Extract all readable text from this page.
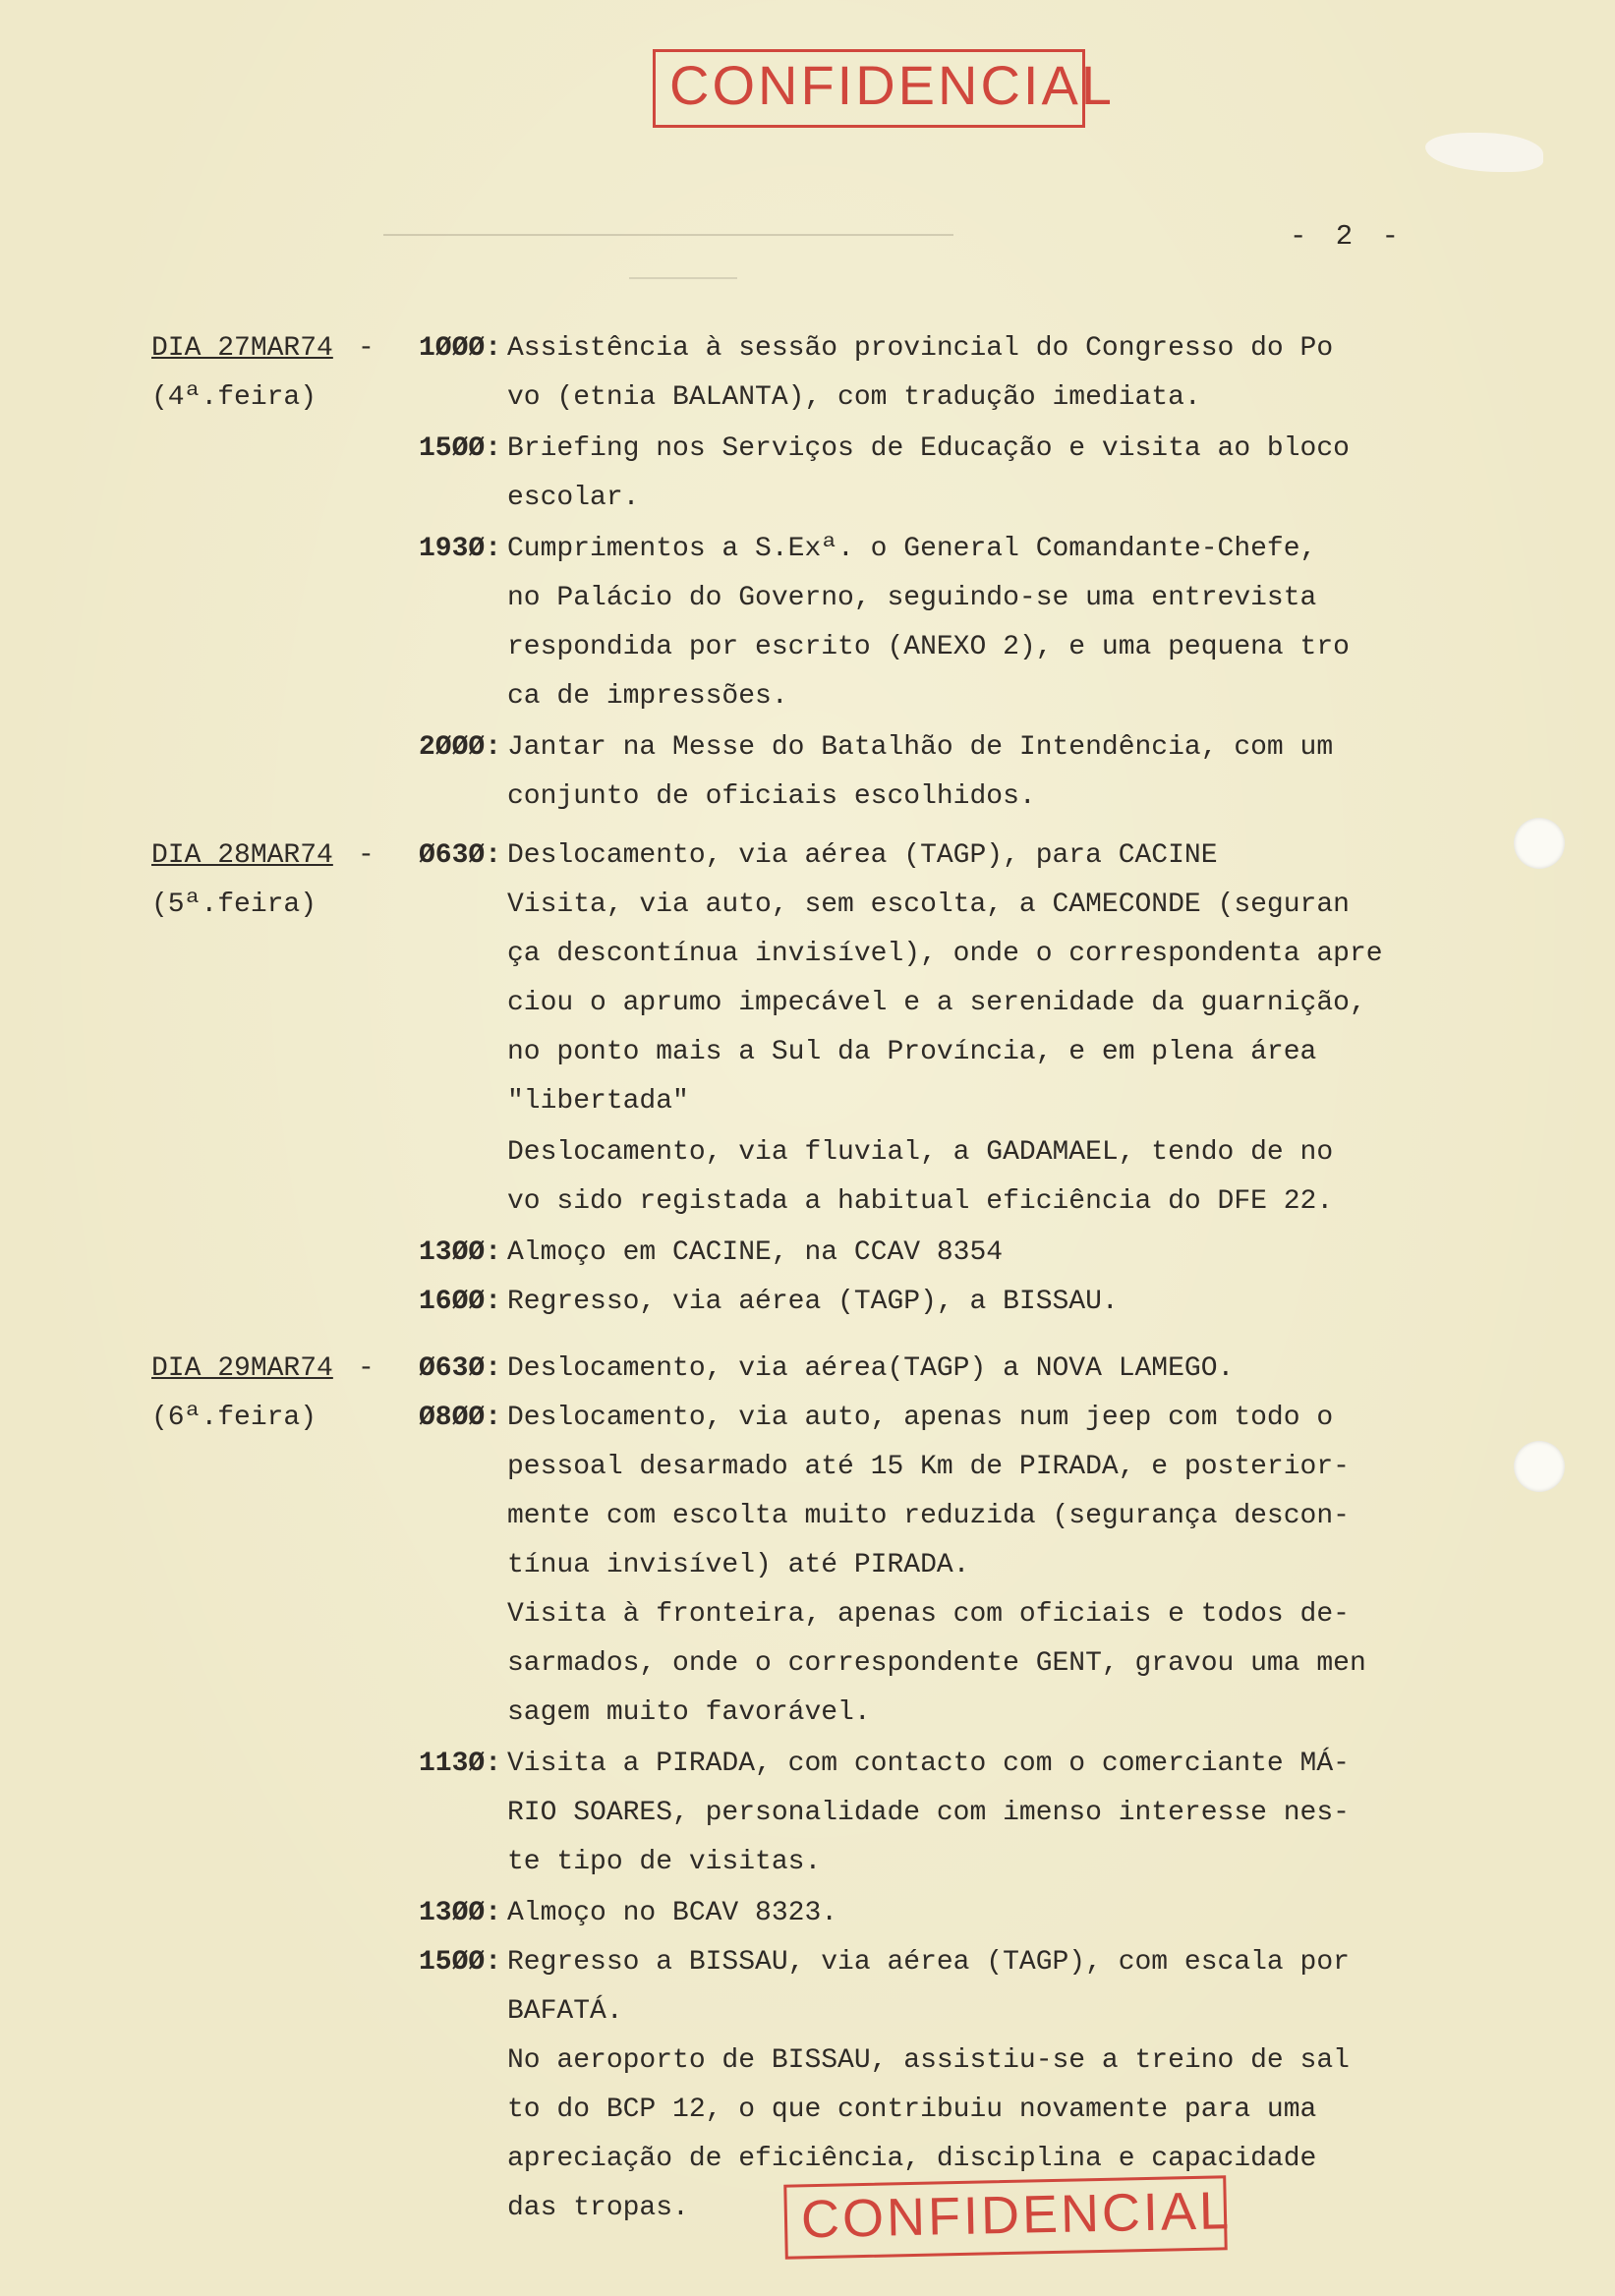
CONFIDENCIAL
CONFIDENCIAL
- 2 -
DIA 27MAR74
(4ª.feira)
-
DIA 28MAR74
(5ª.feira)
-
DIA 29MAR74
(6ª.feira)
-
1ØØØ:
15ØØ:
193Ø:
2ØØØ:
Ø63Ø:
13ØØ:
16ØØ:
Ø63Ø:
Ø8ØØ:
113Ø:
13ØØ:
15ØØ:
Assistência à sessão provincial do Congresso do Po
vo (etnia BALANTA), com tradução imediata.
Briefing nos Serviços de Educação e visita ao bloco
escolar.
Cumprimentos a S.Exª. o General Comandante-Chefe,
no Palácio do Governo, seguindo-se uma entrevista
respondida por escrito (ANEXO 2), e uma pequena tro
ca de impressões.
Jantar na Messe do Batalhão de Intendência, com um
conjunto de oficiais escolhidos.
Deslocamento, via aérea (TAGP), para CACINE
Visita, via auto, sem escolta, a CAMECONDE (seguran
ça descontínua invisível), onde o correspondenta apre
ciou o aprumo impecável e a serenidade da guarnição,
no ponto mais a Sul da Província, e em plena área
"libertada"
Deslocamento, via fluvial, a GADAMAEL, tendo de no
vo sido registada a habitual eficiência do DFE 22.
Almoço em CACINE, na CCAV 8354
Regresso, via aérea (TAGP), a BISSAU.
Deslocamento, via aérea(TAGP) a NOVA LAMEGO.
Deslocamento, via auto, apenas num jeep com todo o
pessoal desarmado até 15 Km de PIRADA, e posterior-
mente com escolta muito reduzida (segurança descon-
tínua invisível) até PIRADA.
Visita à fronteira, apenas com oficiais e todos de-
sarmados, onde o correspondente GENT, gravou uma men
sagem muito favorável.
Visita a PIRADA, com contacto com o comerciante MÁ-
RIO SOARES, personalidade com imenso interesse nes-
te tipo de visitas.
Almoço no BCAV 8323.
Regresso a BISSAU, via aérea (TAGP), com escala por
BAFATÁ.
No aeroporto de BISSAU, assistiu-se a treino de sal
to do BCP 12, o que contribuiu novamente para uma
apreciação de eficiência, disciplina e capacidade
das tropas.
